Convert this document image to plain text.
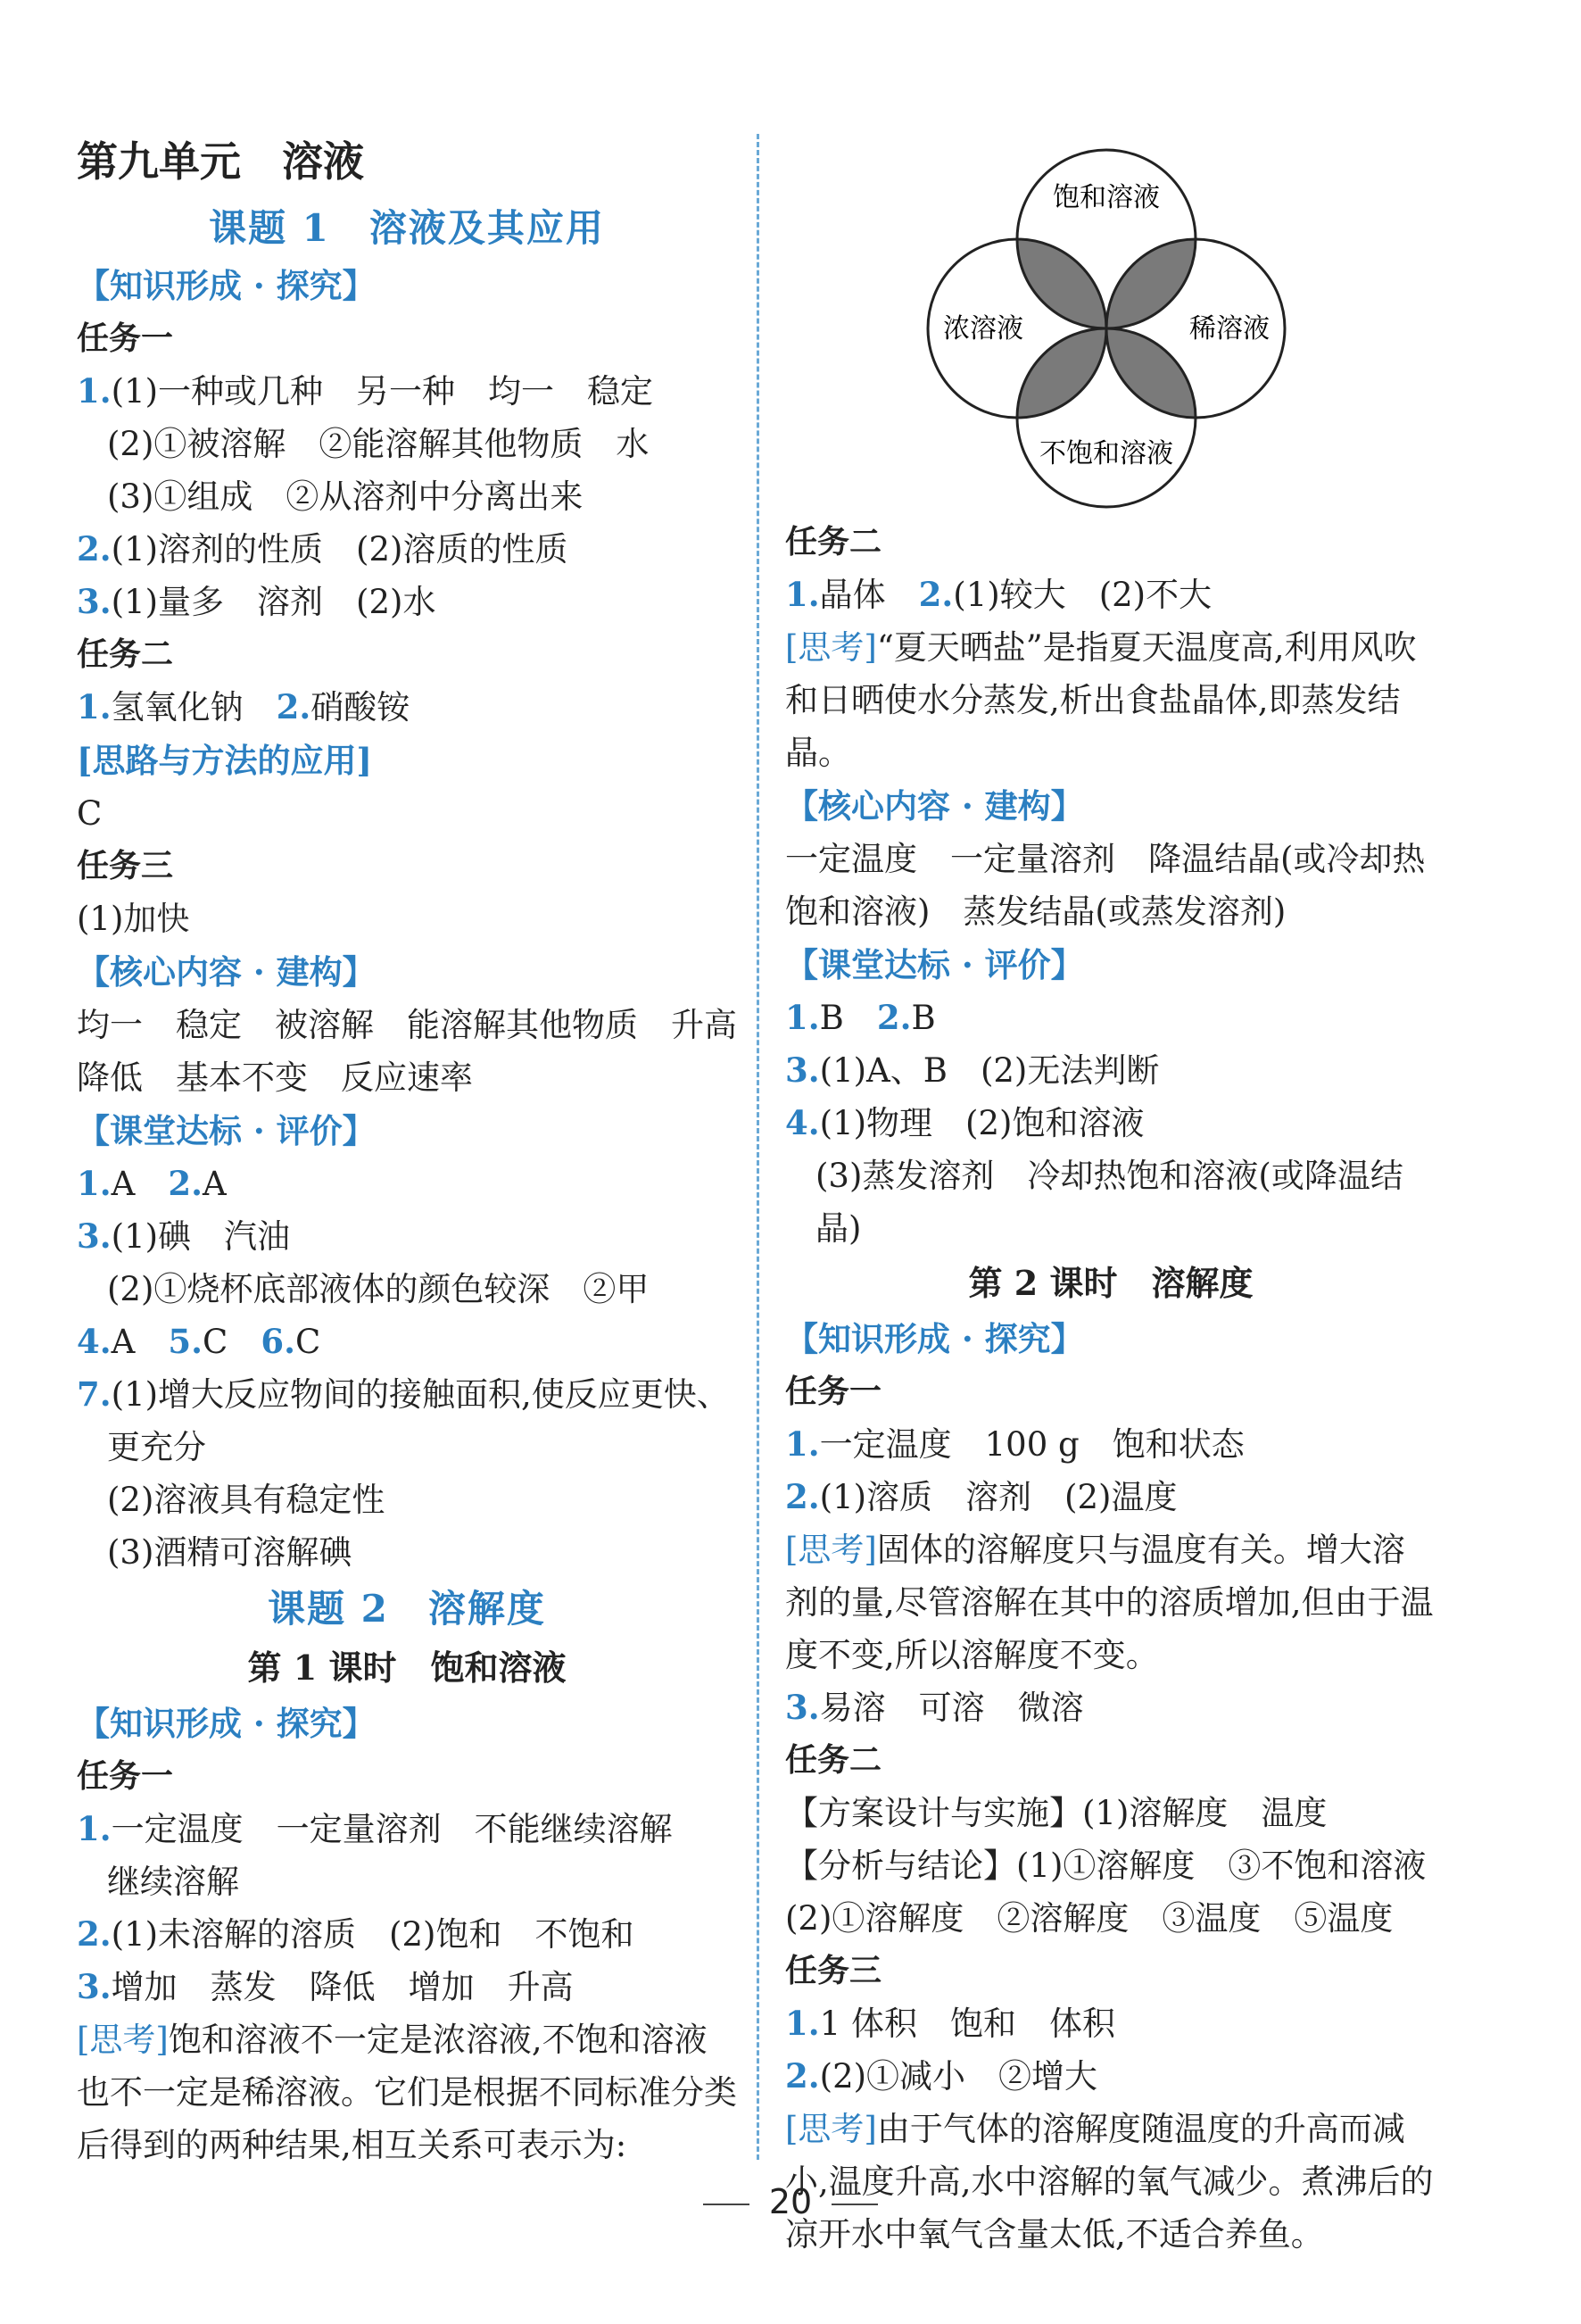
第九单元　溶液
课题 1　溶液及其应用
【知识形成 · 探究】
任务一
1.(1)一种或几种　另一种　均一　稳定
(2)①被溶解　②能溶解其他物质　水
(3)①组成　②从溶剂中分离出来
2.(1)溶剂的性质　(2)溶质的性质
3.(1)量多　溶剂　(2)水
任务二
1.氢氧化钠　2.硝酸铵
[思路与方法的应用]
C
任务三
(1)加快
【核心内容 · 建构】
均一　稳定　被溶解　能溶解其他物质　升高　降低　基本不变　反应速率
【课堂达标 · 评价】
1.A　2.A
3.(1)碘　汽油
(2)①烧杯底部液体的颜色较深　②甲
4.A　5.C　6.C
7.(1)增大反应物间的接触面积,使反应更快、更充分
(2)溶液具有稳定性
(3)酒精可溶解碘
课题 2　溶解度
第 1 课时　饱和溶液
【知识形成 · 探究】
任务一
1.一定温度　一定量溶剂　不能继续溶解　继续溶解
2.(1)未溶解的溶质　(2)饱和　不饱和
3.增加　蒸发　降低　增加　升高
[思考]饱和溶液不一定是浓溶液,不饱和溶液也不一定是稀溶液。它们是根据不同标准分类后得到的两种结果,相互关系可表示为:
饱和溶液
浓溶液	稀溶液
不饱和溶液
任务二
1.晶体　2.(1)较大　(2)不大
[思考]“夏天晒盐”是指夏天温度高,利用风吹和日晒使水分蒸发,析出食盐晶体,即蒸发结晶。
【核心内容 · 建构】
一定温度　一定量溶剂　降温结晶(或冷却热饱和溶液)　蒸发结晶(或蒸发溶剂)
【课堂达标 · 评价】
1.B　2.B
3.(1)A、B　(2)无法判断
4.(1)物理　(2)饱和溶液
(3)蒸发溶剂　冷却热饱和溶液(或降温结晶)
第 2 课时　溶解度
【知识形成 · 探究】
任务一
1.一定温度　100 g　饱和状态
2.(1)溶质　溶剂　(2)温度
[思考]固体的溶解度只与温度有关。增大溶剂的量,尽管溶解在其中的溶质增加,但由于温度不变,所以溶解度不变。
3.易溶　可溶　微溶
任务二
【方案设计与实施】(1)溶解度　温度
【分析与结论】(1)①溶解度　③不饱和溶液
(2)①溶解度　②溶解度　③温度　⑤温度
任务三
1.1 体积　饱和　体积
2.(2)①减小　②增大
[思考]由于气体的溶解度随温度的升高而减小,温度升高,水中溶解的氧气减少。煮沸后的凉开水中氧气含量太低,不适合养鱼。
20
